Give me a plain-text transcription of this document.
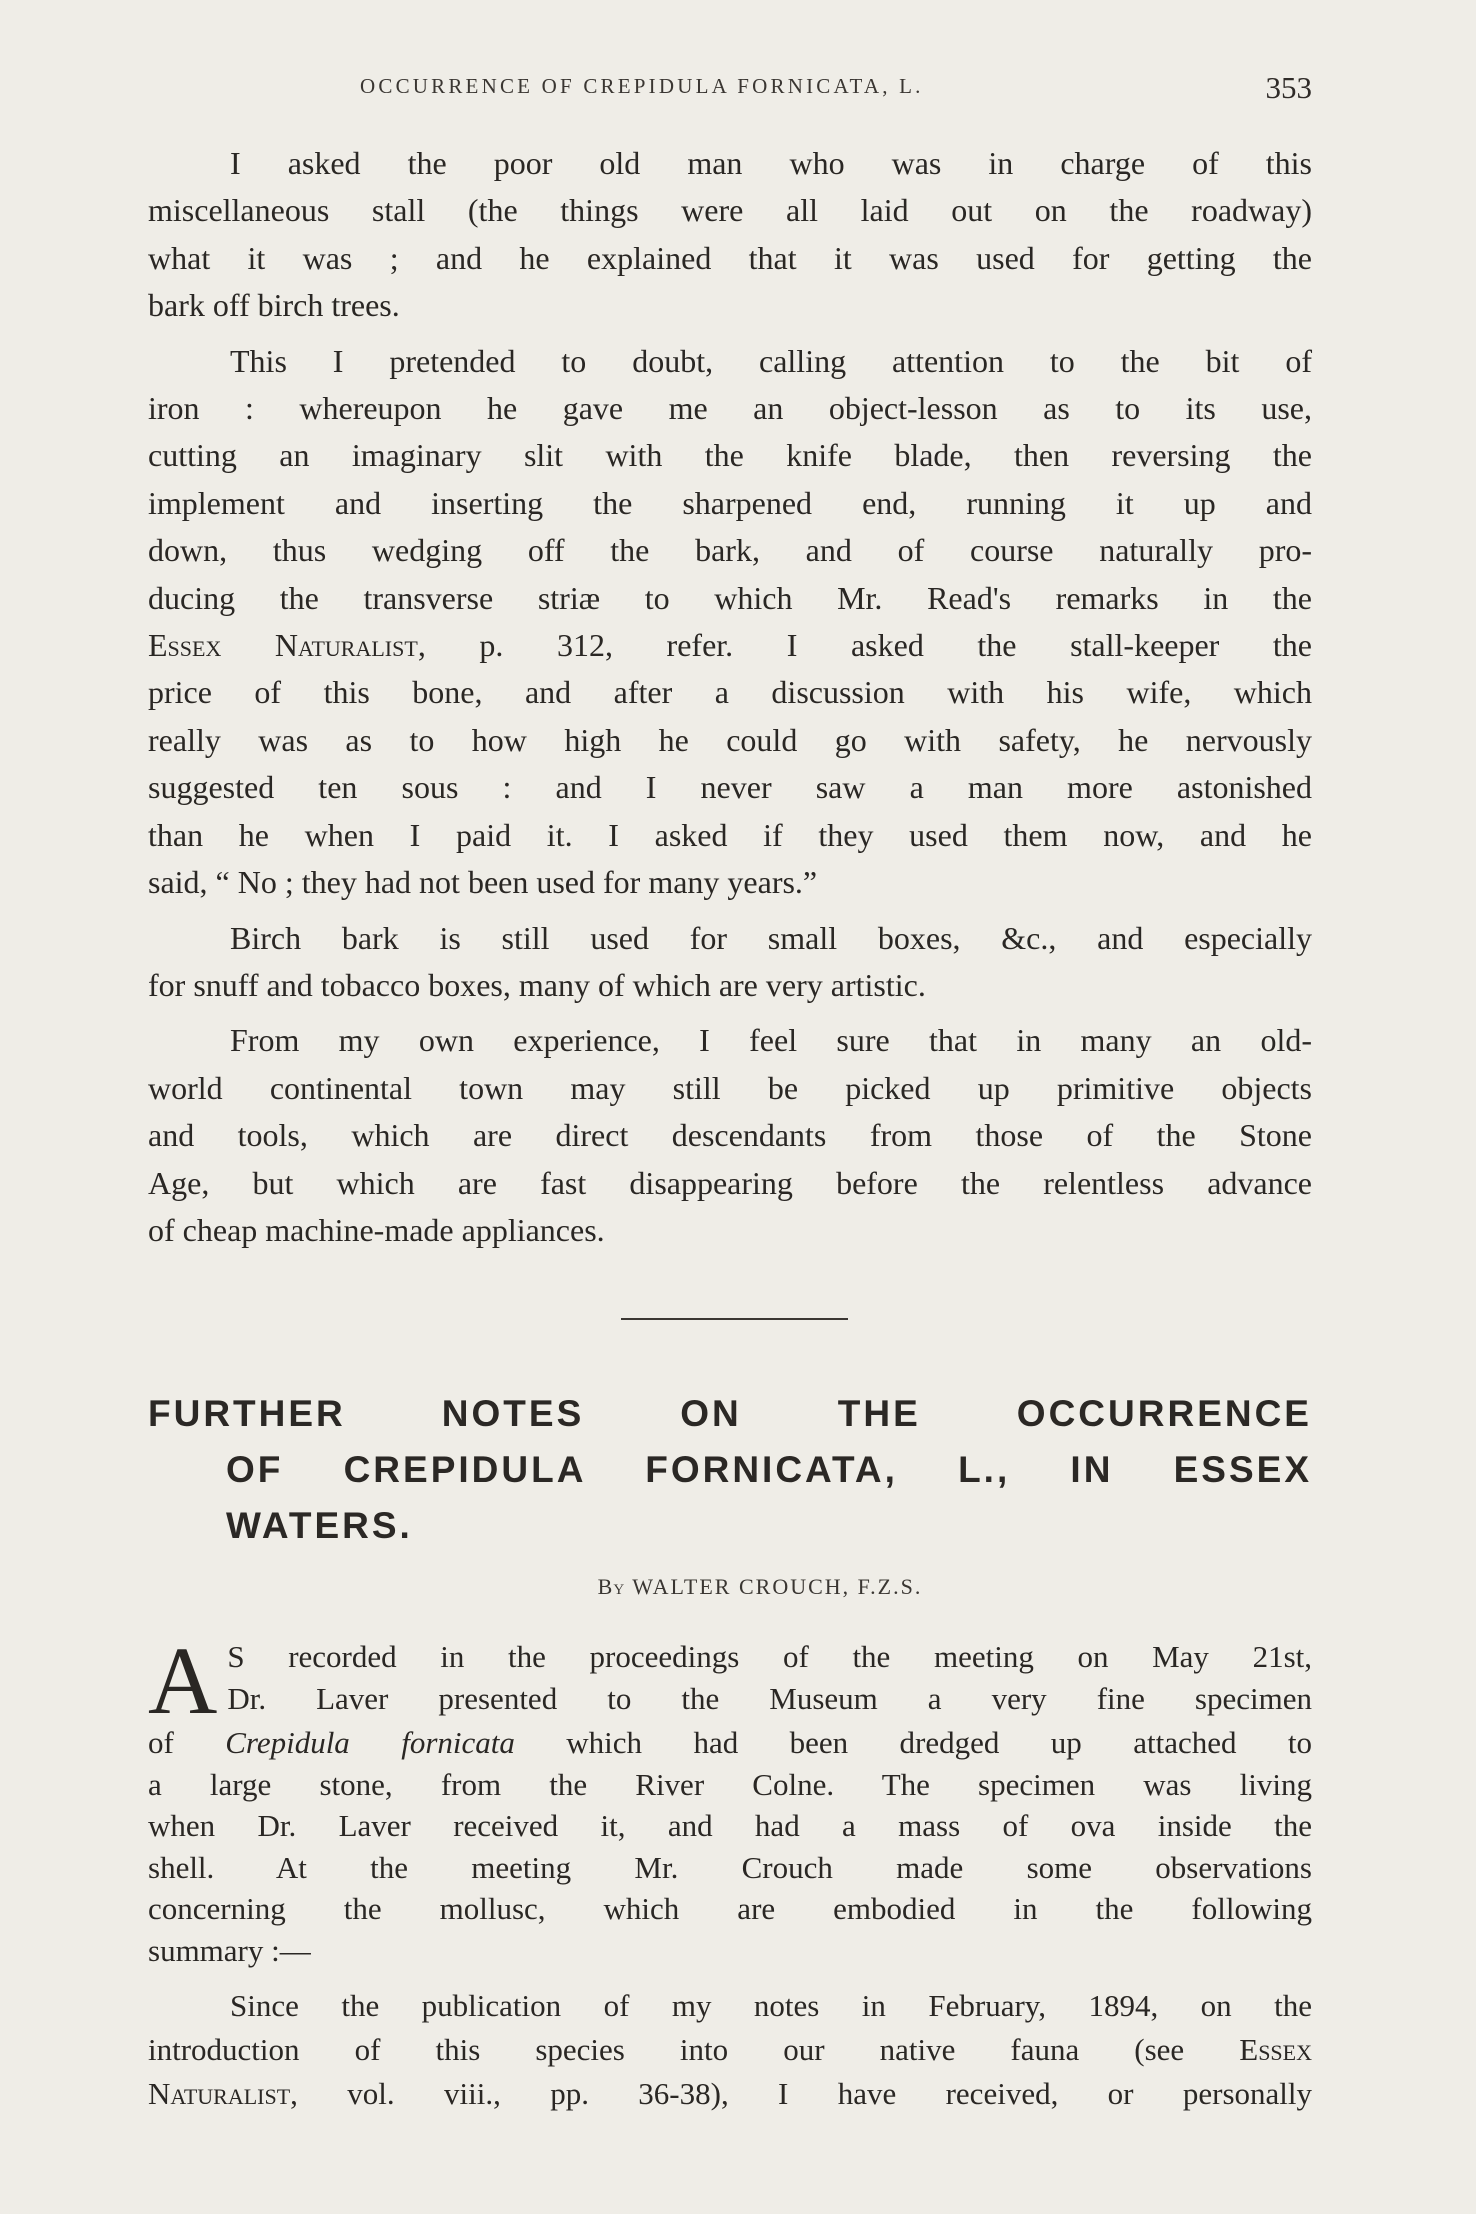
OCCURRENCE OF CREPIDULA FORNICATA, L.	353
I asked the poor old man who was in charge of this
miscellaneous stall (the things were all laid out on the roadway)
what it was ; and he explained that it was used for getting the
bark off birch trees.
This I pretended to doubt, calling attention to the bit of
iron : whereupon he gave me an object-lesson as to its use,
cutting an imaginary slit with the knife blade, then reversing the
implement and inserting the sharpened end, running it up and
down, thus wedging off the bark, and of course naturally pro-
ducing the transverse striæ to which Mr. Read's remarks in the
Essex Naturalist, p. 312, refer. I asked the stall-keeper the
price of this bone, and after a discussion with his wife, which
really was as to how high he could go with safety, he nervously
suggested ten sous : and I never saw a man more astonished
than he when I paid it. I asked if they used them now, and he
said, “ No ; they had not been used for many years.”
Birch bark is still used for small boxes, &c., and especially
for snuff and tobacco boxes, many of which are very artistic.
From my own experience, I feel sure that in many an old-
world continental town may still be picked up primitive objects
and tools, which are direct descendants from those of the Stone
Age, but which are fast disappearing before the relentless advance
of cheap machine-made appliances.
FURTHER NOTES ON THE OCCURRENCE
OF CREPIDULA FORNICATA, L., IN ESSEX
WATERS.
By WALTER CROUCH, F.Z.S.
A S recorded in the proceedings of the meeting on May 21st,
Dr. Laver presented to the Museum a very fine specimen
of Crepidula fornicata which had been dredged up attached to
a large stone, from the River Colne. The specimen was living
when Dr. Laver received it, and had a mass of ova inside the
shell. At the meeting Mr. Crouch made some observations
concerning the mollusc, which are embodied in the following
summary :—
Since the publication of my notes in February, 1894, on the
introduction of this species into our native fauna (see Essex
Naturalist, vol. viii., pp. 36-38), I have received, or personally
